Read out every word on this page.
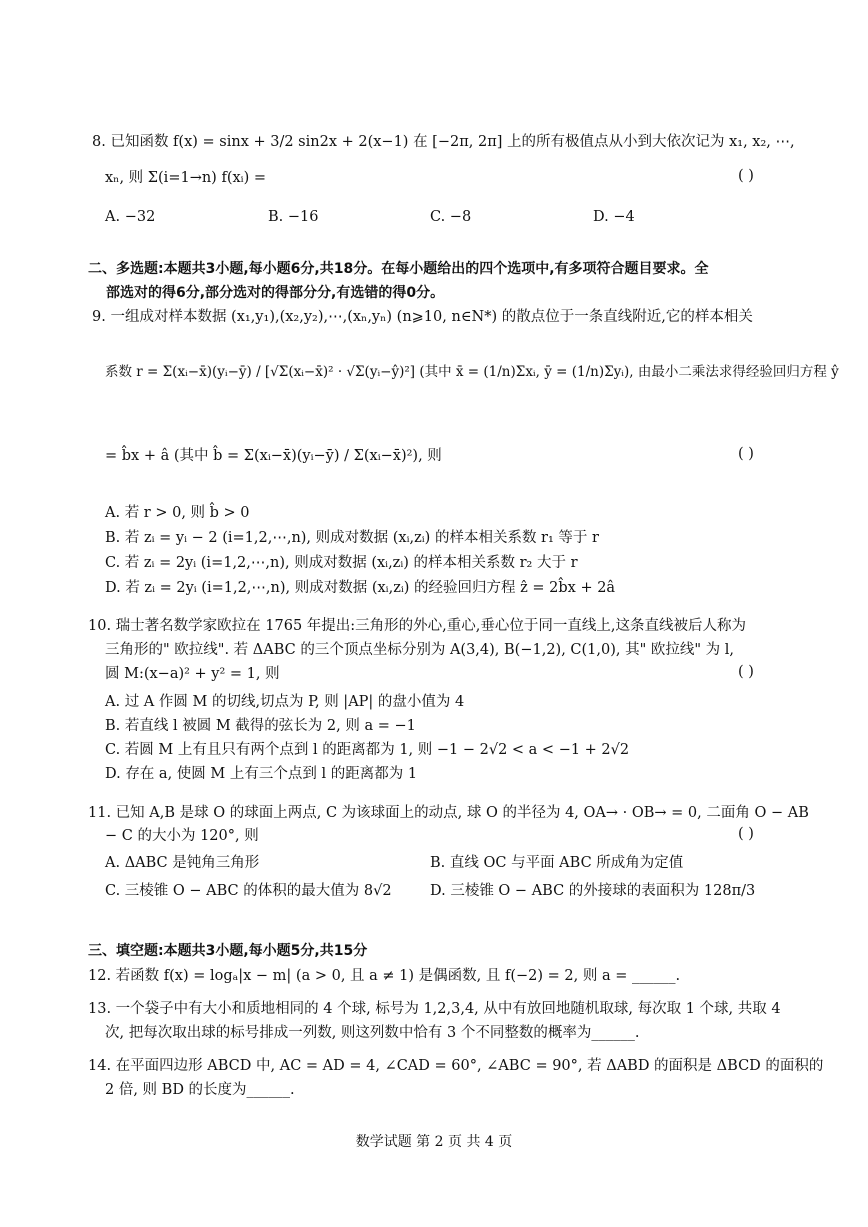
8. 已知函数 f(x) = sinx + 3/2 sin2x + 2(x−1) 在 [−2π, 2π] 上的所有极值点从小到大依次记为 x₁, x₂, ⋯,
xₙ, 则 Σ(i=1→n) f(xᵢ) =	( )
A. −32	B. −16	C. −8	D. −4
二、多选题:本题共3小题,每小题6分,共18分。在每小题给出的四个选项中,有多项符合题目要求。全
部选对的得6分,部分选对的得部分分,有选错的得0分。
9. 一组成对样本数据 (x₁,y₁),(x₂,y₂),⋯,(xₙ,yₙ) (n⩾10, n∈N*) 的散点位于一条直线附近,它的样本相关
系数 r = Σ(xᵢ−x̄)(yᵢ−ȳ) / [√Σ(xᵢ−x̄)² · √Σ(yᵢ−ŷ)²] (其中 x̄ = (1/n)Σxᵢ, ȳ = (1/n)Σyᵢ), 由最小二乘法求得经验回归方程 ŷ
= b̂x + â (其中 b̂ = Σ(xᵢ−x̄)(yᵢ−ȳ) / Σ(xᵢ−x̄)²), 则	( )
A. 若 r > 0, 则 b̂ > 0
B. 若 zᵢ = yᵢ − 2 (i=1,2,⋯,n), 则成对数据 (xᵢ,zᵢ) 的样本相关系数 r₁ 等于 r
C. 若 zᵢ = 2yᵢ (i=1,2,⋯,n), 则成对数据 (xᵢ,zᵢ) 的样本相关系数 r₂ 大于 r
D. 若 zᵢ = 2yᵢ (i=1,2,⋯,n), 则成对数据 (xᵢ,zᵢ) 的经验回归方程 ẑ = 2b̂x + 2â
10. 瑞士著名数学家欧拉在 1765 年提出:三角形的外心,重心,垂心位于同一直线上,这条直线被后人称为
三角形的" 欧拉线". 若 ΔABC 的三个顶点坐标分别为 A(3,4), B(−1,2), C(1,0), 其" 欧拉线" 为 l,
圆 M:(x−a)² + y² = 1, 则	( )
A. 过 A 作圆 M 的切线,切点为 P, 则 |AP| 的盘小值为 4
B. 若直线 l 被圆 M 截得的弦长为 2, 则 a = −1
C. 若圆 M 上有且只有两个点到 l 的距离都为 1, 则 −1 − 2√2 < a < −1 + 2√2
D. 存在 a, 使圆 M 上有三个点到 l 的距离都为 1
11. 已知 A,B 是球 O 的球面上两点, C 为该球面上的动点, 球 O 的半径为 4, OA→ · OB→ = 0, 二面角 O − AB
− C 的大小为 120°, 则	( )
A. ΔABC 是钝角三角形	B. 直线 OC 与平面 ABC 所成角为定值
C. 三棱锥 O − ABC 的体积的最大值为 8√2	D. 三棱锥 O − ABC 的外接球的表面积为 128π/3
三、填空题:本题共3小题,每小题5分,共15分
12. 若函数 f(x) = logₐ|x − m| (a > 0, 且 a ≠ 1) 是偶函数, 且 f(−2) = 2, 则 a = ______.
13. 一个袋子中有大小和质地相同的 4 个球, 标号为 1,2,3,4, 从中有放回地随机取球, 每次取 1 个球, 共取 4
次, 把每次取出球的标号排成一列数, 则这列数中恰有 3 个不同整数的概率为______.
14. 在平面四边形 ABCD 中, AC = AD = 4, ∠CAD = 60°, ∠ABC = 90°, 若 ΔABD 的面积是 ΔBCD 的面积的
2 倍, 则 BD 的长度为______.
数学试题 第 2 页 共 4 页
